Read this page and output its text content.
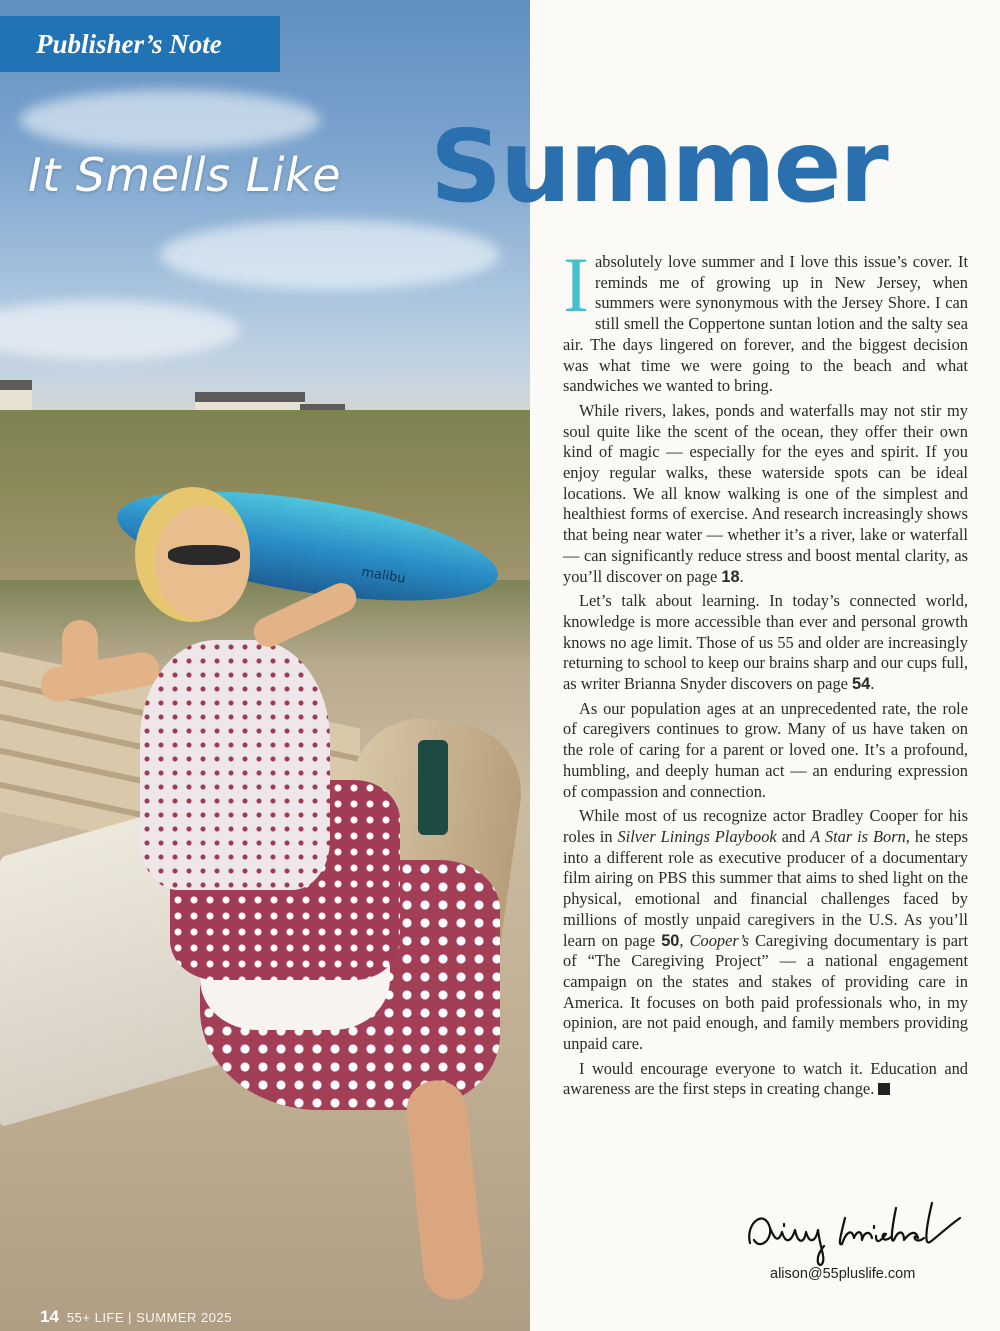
malibu
Publisher’s Note
It Smells Like Summer

I absolutely love summer and I love this issue’s cover. It reminds me of growing up in New Jersey, when summers were synonymous with the Jersey Shore. I can still smell the Coppertone suntan lotion and the salty sea air. The days lingered on forever, and the biggest decision was what time we were going to the beach and what sandwiches we wanted to bring.

While rivers, lakes, ponds and waterfalls may not stir my soul quite like the scent of the ocean, they offer their own kind of magic — especially for the eyes and spirit. If you enjoy regular walks, these waterside spots can be ideal locations. We all know walking is one of the simplest and healthiest forms of exercise. And research increasingly shows that being near water — whether it’s a river, lake or waterfall — can significantly reduce stress and boost mental clarity, as you’ll discover on page 18.

Let’s talk about learning. In today’s connected world, knowledge is more accessible than ever and personal growth knows no age limit. Those of us 55 and older are increasingly returning to school to keep our brains sharp and our cups full, as writer Brianna Snyder discovers on page 54.

As our population ages at an unprecedented rate, the role of caregivers continues to grow. Many of us have taken on the role of caring for a parent or loved one. It’s a profound, humbling, and deeply human act — an enduring expression of compassion and connection.

While most of us recognize actor Bradley Cooper for his roles in Silver Linings Playbook and A Star is Born, he steps into a different role as executive producer of a documentary film airing on PBS this summer that aims to shed light on the physical, emotional and financial challenges faced by millions of mostly unpaid caregivers in the U.S. As you’ll learn on page 50, Cooper’s Caregiving documentary is part of “The Caregiving Project” — a national engagement campaign on the states and stakes of providing care in America. It focuses on both paid professionals who, in my opinion, are not paid enough, and family members providing unpaid care.

I would encourage everyone to watch it. Education and awareness are the first steps in creating change.

alison@55pluslife.com
14 55+ LIFE | SUMMER 2025
